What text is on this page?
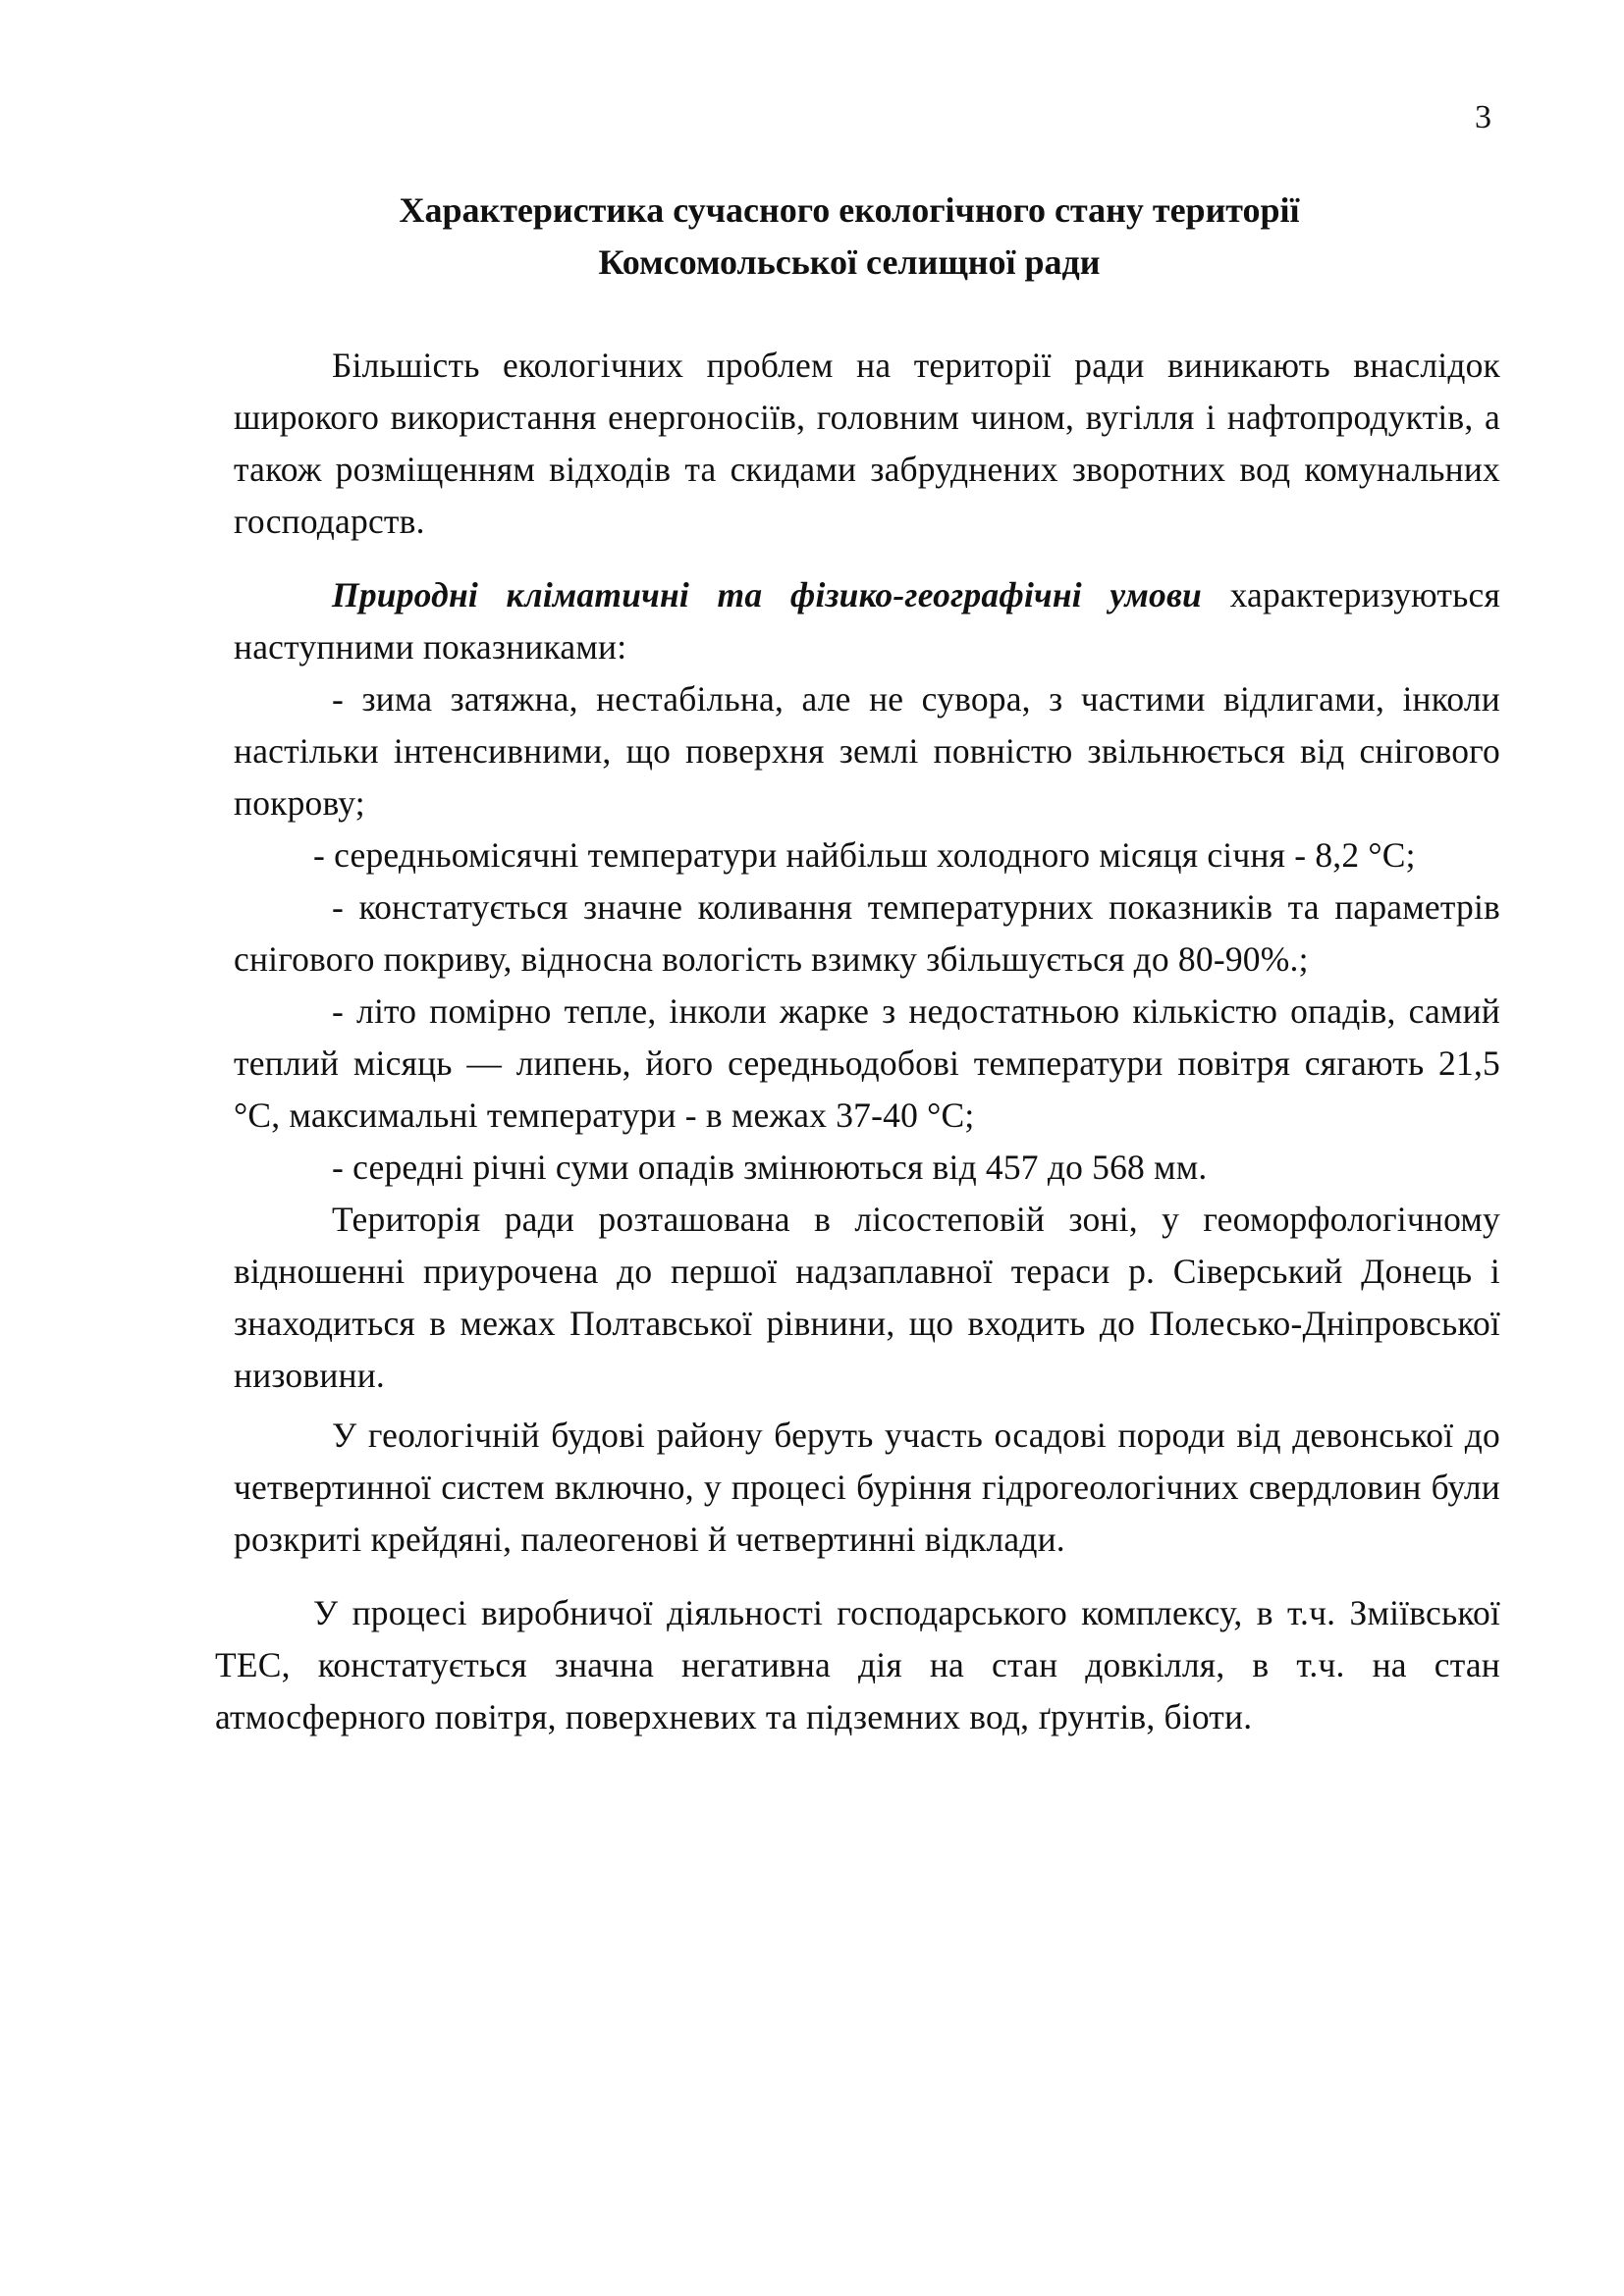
3
Характеристика сучасного екологічного стану території
Комсомольської селищної ради

Більшість екологічних проблем на території ради виникають внаслідок широкого використання енергоносіїв, головним чином, вугілля і нафтопродуктів, а також розміщенням відходів та скидами забруднених зворотних вод комунальних господарств.

Природні кліматичні та фізико-географічні умови характеризуються наступними показниками:

- зима затяжна, нестабільна, але не сувора, з частими відлигами, інколи настільки інтенсивними, що поверхня землі повністю звільнюється від снігового покрову;

- середньомісячні температури найбільш холодного місяця січня - 8,2 °С;

- констатується значне коливання температурних показників та параметрів снігового покриву, відносна вологість взимку збільшується до 80-90%.;

- літо помірно тепле, інколи жарке з недостатньою кількістю опадів, самий теплий місяць — липень, його середньодобові температури повітря сягають 21,5 °С, максимальні температури - в межах 37-40 °С;

- середні річні суми опадів змінюються від 457 до 568 мм.

Територія ради розташована в лісостеповій зоні, у геоморфологічному відношенні приурочена до першої надзаплавної тераси р. Сіверський Донець і знаходиться в межах Полтавської рівнини, що входить до Полесько-Дніпровської низовини.

У геологічній будові району беруть участь осадові породи від девонської до четвертинної систем включно, у процесі буріння гідрогеологічних свердловин були розкриті крейдяні, палеогенові й четвертинні відклади.

У процесі виробничої діяльності господарського комплексу, в т.ч. Зміївської ТЕС, констатується значна негативна дія на стан довкілля, в т.ч. на стан атмосферного повітря, поверхневих та підземних вод, ґрунтів, біоти.
